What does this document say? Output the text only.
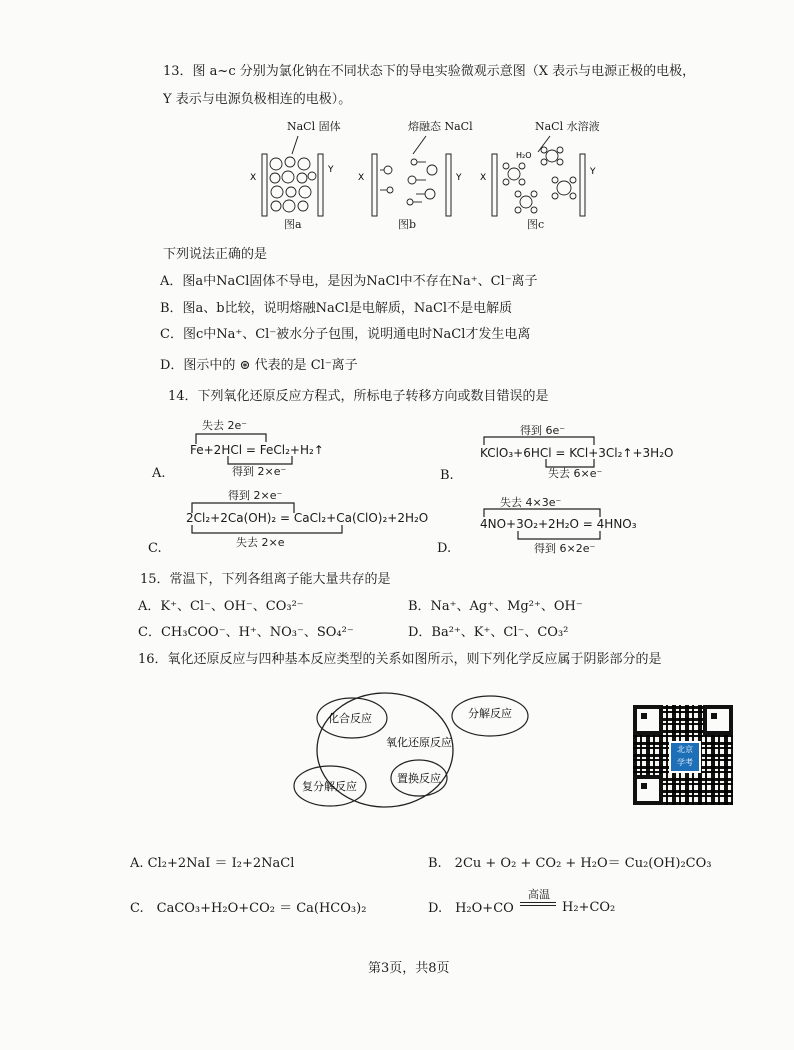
13．图 a~c 分别为氯化钠在不同状态下的导电实验微观示意图（X 表示与电源正极的电极，
Y 表示与电源负极相连的电极）。
NaCl 固体	熔融态 NaCl	NaCl 水溶液
X
Y
X	Y X
Y
H₂O
图a	图b	图c
下列说法正确的是
A．图a中NaCl固体不导电，是因为NaCl中不存在Na⁺、Cl⁻离子
B．图a、b比较，说明熔融NaCl是电解质，NaCl不是电解质
C．图c中Na⁺、Cl⁻被水分子包围，说明通电时NaCl才发生电离
D．图示中的 ⊛ 代表的是 Cl⁻离子
14．下列氧化还原反应方程式，所标电子转移方向或数目错误的是
失去 2e⁻
Fe+2HCl = FeCl₂+H₂↑
得到 2×e⁻
A.
得到 6e⁻
KClO₃+6HCl = KCl+3Cl₂↑+3H₂O
失去 6×e⁻
B.
得到 2×e⁻
2Cl₂+2Ca(OH)₂ = CaCl₂+Ca(ClO)₂+2H₂O
失去 2×e
C.
失去 4×3e⁻
4NO+3O₂+2H₂O = 4HNO₃
得到 6×2e⁻
D.
15．常温下，下列各组离子能大量共存的是
A．K⁺、Cl⁻、OH⁻、CO₃²⁻	B．Na⁺、Ag⁺、Mg²⁺、OH⁻
C．CH₃COO⁻、H⁺、NO₃⁻、SO₄²⁻	D．Ba²⁺、K⁺、Cl⁻、CO₃²
16．氧化还原反应与四种基本反应类型的关系如图所示，则下列化学反应属于阴影部分的是
化合反应	分解反应
氧化还原反应
置换反应
复分解反应
北京
学考
A. Cl₂+2NaI ＝ I₂+2NaCl	B.　2Cu + O₂ + CO₂ + H₂O＝ Cu₂(OH)₂CO₃
C.　CaCO₃+H₂O+CO₂ ＝ Ca(HCO₃)₂	D.　H₂O+CO
高温
H₂+CO₂
第3页，共8页
